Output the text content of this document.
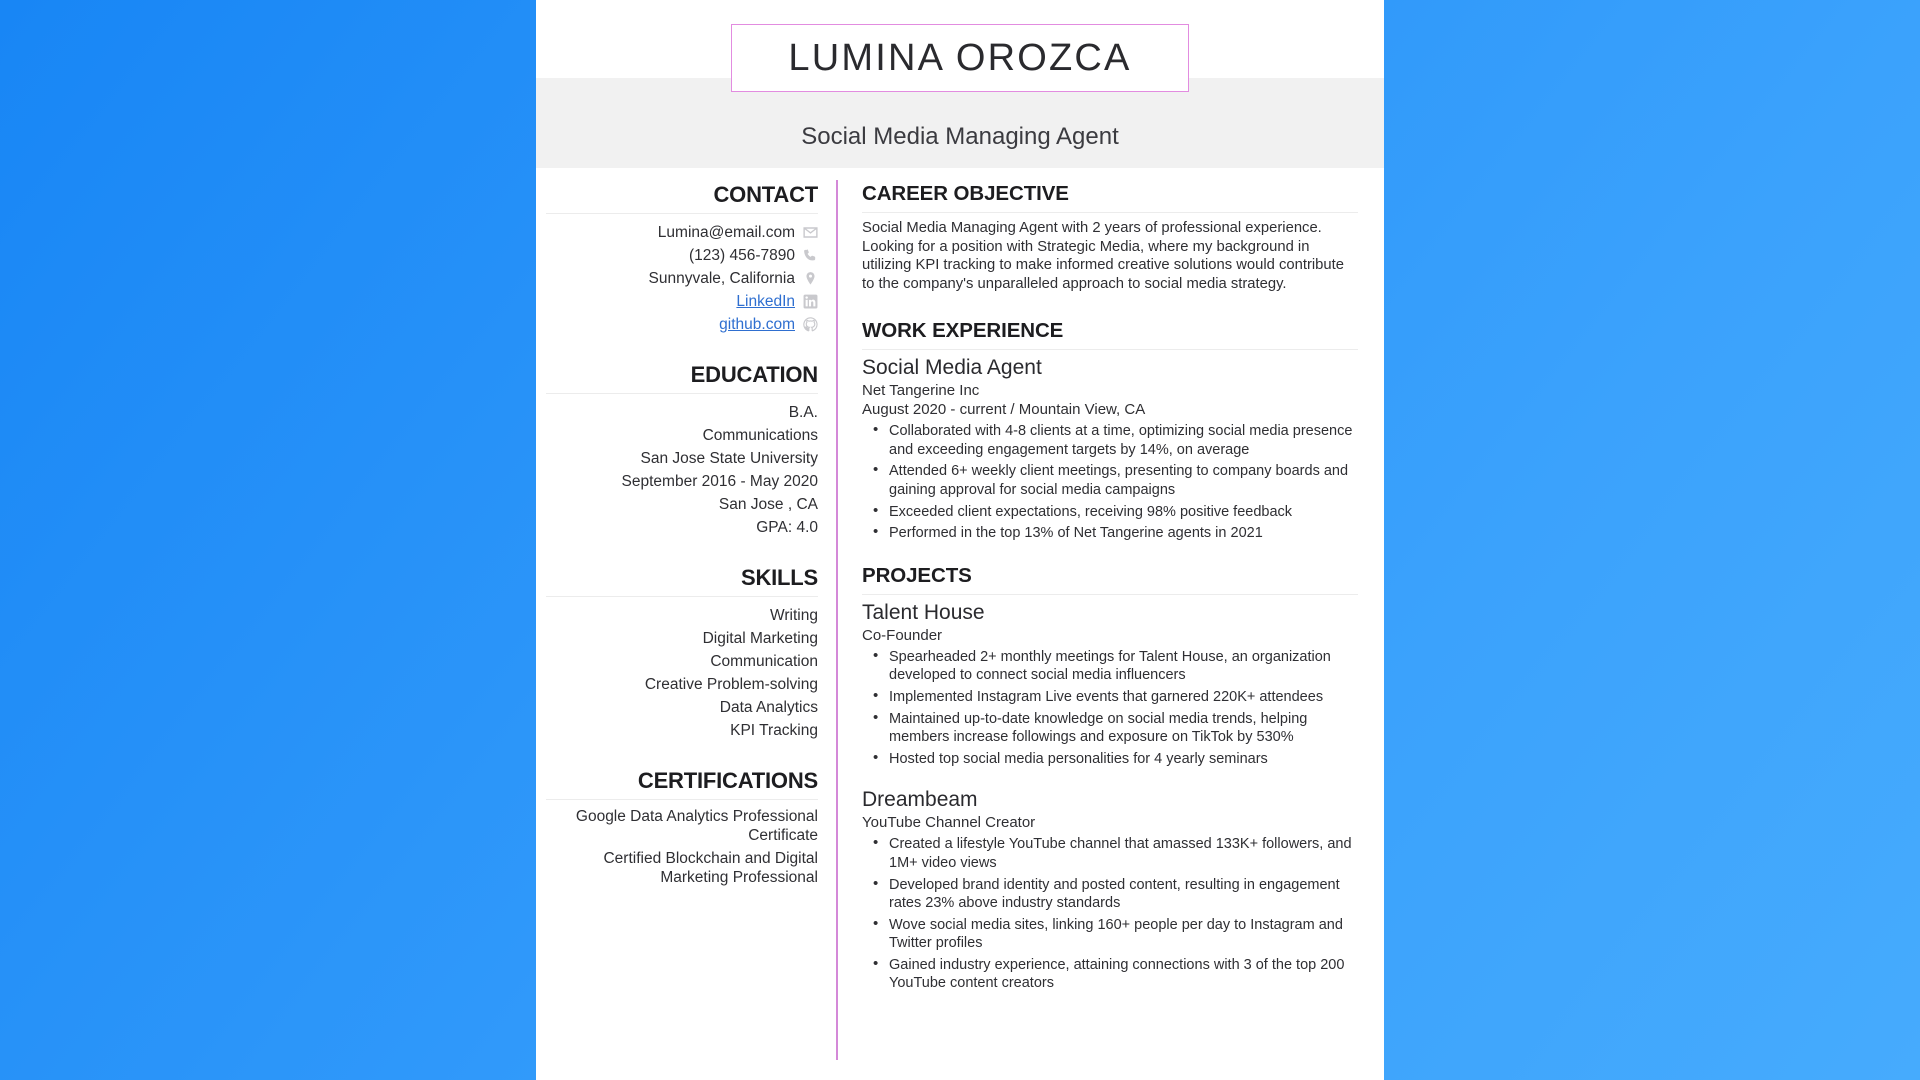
LUMINA OROZCA
Social Media Managing Agent
CONTACT
Lumina@email.com
(123) 456-7890
Sunnyvale, California
LinkedIn
github.com
EDUCATION
B.A.
Communications
San Jose State University
September 2016 - May 2020
San Jose , CA
GPA: 4.0
SKILLS
Writing
Digital Marketing
Communication
Creative Problem-solving
Data Analytics
KPI Tracking
CERTIFICATIONS
Google Data Analytics Professional Certificate
Certified Blockchain and Digital Marketing Professional
CAREER OBJECTIVE
Social Media Managing Agent with 2 years of professional experience. Looking for a position with Strategic Media, where my background in utilizing KPI tracking to make informed creative solutions would contribute to the company's unparalleled approach to social media strategy.
WORK EXPERIENCE
Social Media Agent
Net Tangerine Inc
August 2020 - current / Mountain View, CA
• Collaborated with 4-8 clients at a time, optimizing social media presence and exceeding engagement targets by 14%, on average
• Attended 6+ weekly client meetings, presenting to company boards and gaining approval for social media campaigns
• Exceeded client expectations, receiving 98% positive feedback
• Performed in the top 13% of Net Tangerine agents in 2021
PROJECTS
Talent House
Co-Founder
• Spearheaded 2+ monthly meetings for Talent House, an organization developed to connect social media influencers
• Implemented Instagram Live events that garnered 220K+ attendees
• Maintained up-to-date knowledge on social media trends, helping members increase followings and exposure on TikTok by 530%
• Hosted top social media personalities for 4 yearly seminars
Dreambeam
YouTube Channel Creator
• Created a lifestyle YouTube channel that amassed 133K+ followers, and 1M+ video views
• Developed brand identity and posted content, resulting in engagement rates 23% above industry standards
• Wove social media sites, linking 160+ people per day to Instagram and Twitter profiles
• Gained industry experience, attaining connections with 3 of the top 200 YouTube content creators
